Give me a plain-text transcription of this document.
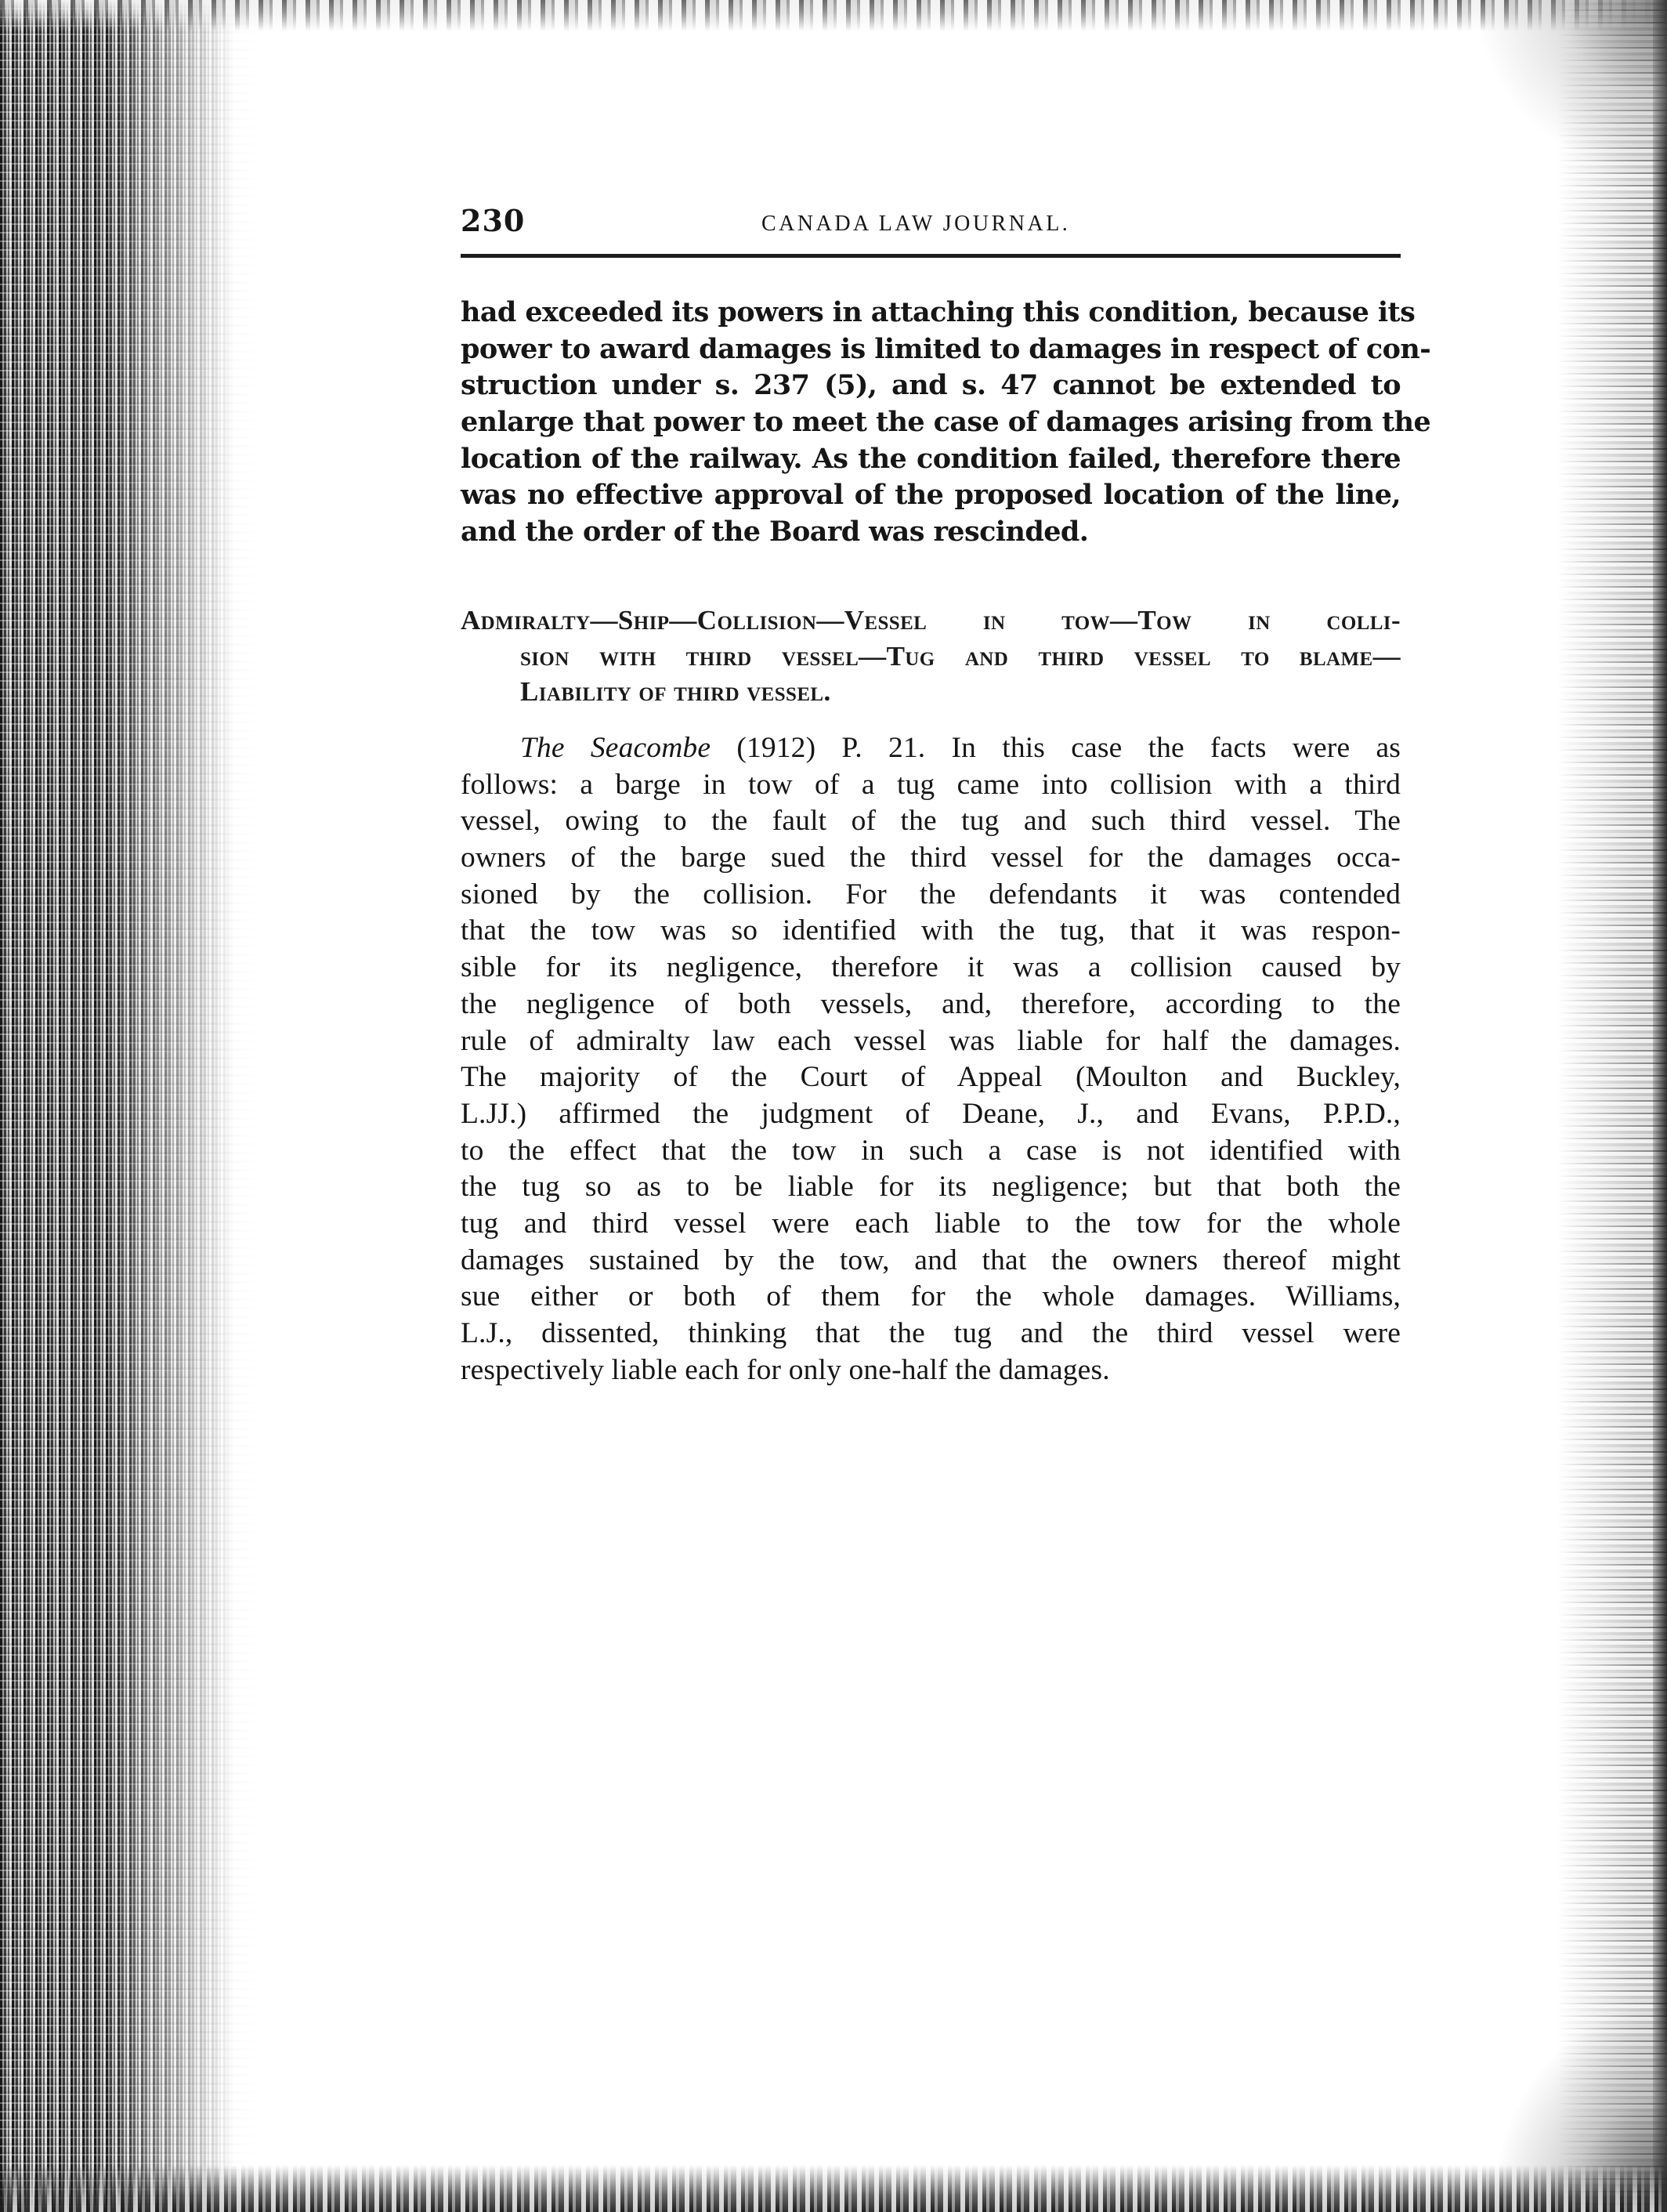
230	CANADA LAW JOURNAL.
had exceeded its powers in attaching this condition, because its
power to award damages is limited to damages in respect of con-
struction under s. 237 (5), and s. 47 cannot be extended to
enlarge that power to meet the case of damages arising from the
location of the railway. As the condition failed, therefore there
was no effective approval of the proposed location of the line,
and the order of the Board was rescinded.
Admiralty—Ship—Collision—Vessel in tow—Tow in colli-
sion with third vessel—Tug and third vessel to blame—
Liability of third vessel.
The Seacombe (1912) P. 21. In this case the facts were as
follows: a barge in tow of a tug came into collision with a third
vessel, owing to the fault of the tug and such third vessel. The
owners of the barge sued the third vessel for the damages occa-
sioned by the collision. For the defendants it was contended
that the tow was so identified with the tug, that it was respon-
sible for its negligence, therefore it was a collision caused by
the negligence of both vessels, and, therefore, according to the
rule of admiralty law each vessel was liable for half the damages.
The majority of the Court of Appeal (Moulton and Buckley,
L.JJ.) affirmed the judgment of Deane, J., and Evans, P.P.D.,
to the effect that the tow in such a case is not identified with
the tug so as to be liable for its negligence; but that both the
tug and third vessel were each liable to the tow for the whole
damages sustained by the tow, and that the owners thereof might
sue either or both of them for the whole damages. Williams,
L.J., dissented, thinking that the tug and the third vessel were
respectively liable each for only one-half the damages.
